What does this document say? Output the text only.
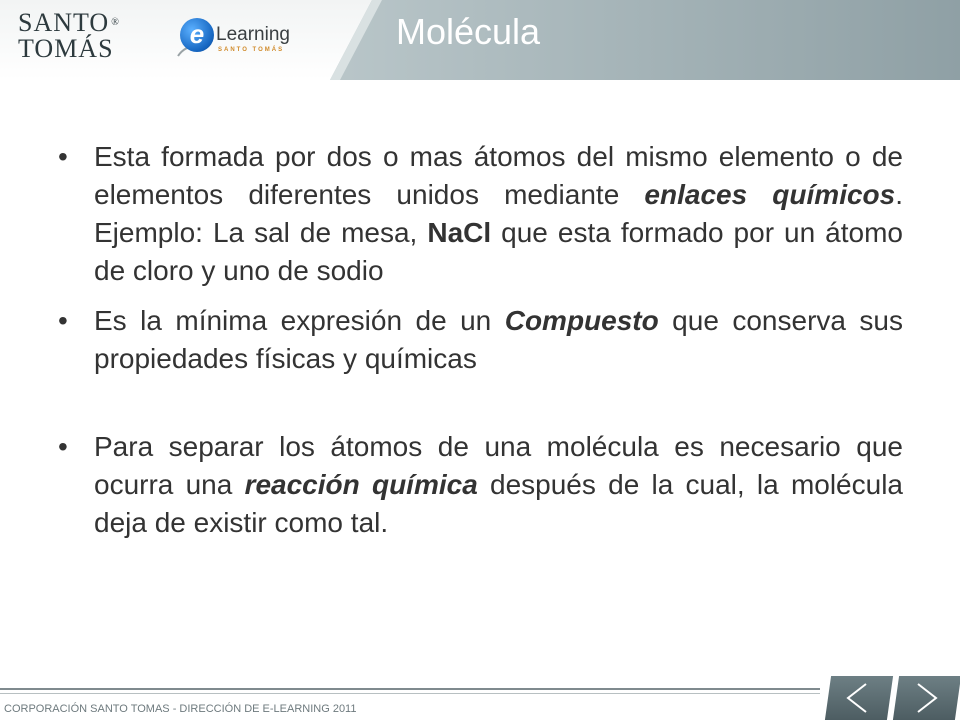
SANTO ®
TOMÁS	e Learning
SANTO TOMÁS	Molécula

• Esta formada por dos o mas átomos del mismo elemento o de elementos diferentes unidos mediante enlaces químicos. Ejemplo: La sal de mesa, NaCl que esta formado por un átomo de cloro y uno de sodio

• Es la mínima expresión de un Compuesto que conserva sus propiedades físicas y químicas

• Para separar los átomos de una molécula es necesario que ocurra una reacción química después de la cual, la molécula deja de existir como tal.

CORPORACIÓN SANTO TOMAS - DIRECCIÓN DE E-LEARNING 2011
